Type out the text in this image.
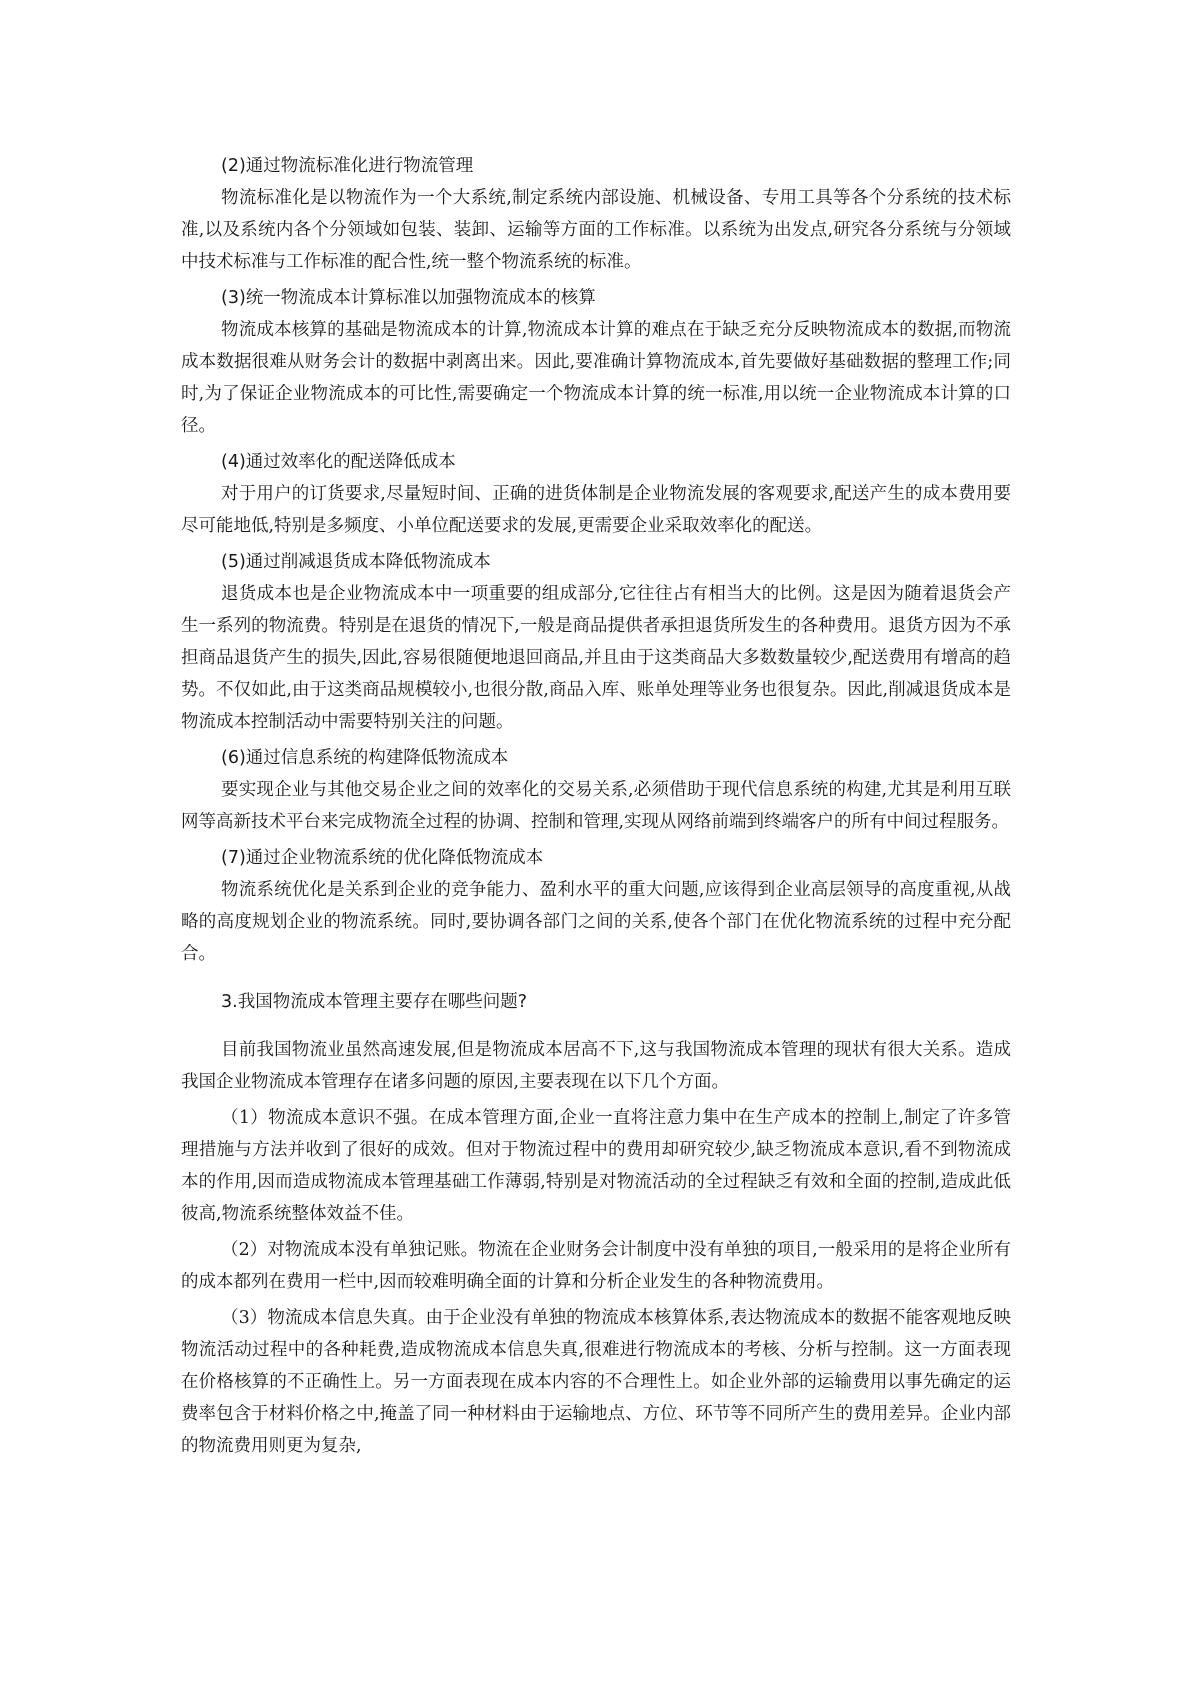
(2)通过物流标准化进行物流管理

物流标准化是以物流作为一个大系统,制定系统内部设施、机械设备、专用工具等各个分系统的技术标准,以及系统内各个分领域如包装、装卸、运输等方面的工作标准。以系统为出发点,研究各分系统与分领域中技术标准与工作标准的配合性,统一整个物流系统的标准。

(3)统一物流成本计算标准以加强物流成本的核算

物流成本核算的基础是物流成本的计算,物流成本计算的难点在于缺乏充分反映物流成本的数据,而物流成本数据很难从财务会计的数据中剥离出来。因此,要准确计算物流成本,首先要做好基础数据的整理工作;同时,为了保证企业物流成本的可比性,需要确定一个物流成本计算的统一标准,用以统一企业物流成本计算的口径。

(4)通过效率化的配送降低成本

对于用户的订货要求,尽量短时间、正确的进货体制是企业物流发展的客观要求,配送产生的成本费用要尽可能地低,特别是多频度、小单位配送要求的发展,更需要企业采取效率化的配送。

(5)通过削减退货成本降低物流成本

退货成本也是企业物流成本中一项重要的组成部分,它往往占有相当大的比例。这是因为随着退货会产生一系列的物流费。特别是在退货的情况下,一般是商品提供者承担退货所发生的各种费用。退货方因为不承担商品退货产生的损失,因此,容易很随便地退回商品,并且由于这类商品大多数数量较少,配送费用有增高的趋势。不仅如此,由于这类商品规模较小,也很分散,商品入库、账单处理等业务也很复杂。因此,削减退货成本是物流成本控制活动中需要特别关注的问题。

(6)通过信息系统的构建降低物流成本

要实现企业与其他交易企业之间的效率化的交易关系,必须借助于现代信息系统的构建,尤其是利用互联网等高新技术平台来完成物流全过程的协调、控制和管理,实现从网络前端到终端客户的所有中间过程服务。

(7)通过企业物流系统的优化降低物流成本

物流系统优化是关系到企业的竞争能力、盈利水平的重大问题,应该得到企业高层领导的高度重视,从战略的高度规划企业的物流系统。同时,要协调各部门之间的关系,使各个部门在优化物流系统的过程中充分配合。

3.我国物流成本管理主要存在哪些问题?

目前我国物流业虽然高速发展,但是物流成本居高不下,这与我国物流成本管理的现状有很大关系。造成我国企业物流成本管理存在诸多问题的原因,主要表现在以下几个方面。

（1）物流成本意识不强。在成本管理方面,企业一直将注意力集中在生产成本的控制上,制定了许多管理措施与方法并收到了很好的成效。但对于物流过程中的费用却研究较少,缺乏物流成本意识,看不到物流成本的作用,因而造成物流成本管理基础工作薄弱,特别是对物流活动的全过程缺乏有效和全面的控制,造成此低彼高,物流系统整体效益不佳。

（2）对物流成本没有单独记账。物流在企业财务会计制度中没有单独的项目,一般采用的是将企业所有的成本都列在费用一栏中,因而较难明确全面的计算和分析企业发生的各种物流费用。

（3）物流成本信息失真。由于企业没有单独的物流成本核算体系,表达物流成本的数据不能客观地反映物流活动过程中的各种耗费,造成物流成本信息失真,很难进行物流成本的考核、分析与控制。这一方面表现在价格核算的不正确性上。另一方面表现在成本内容的不合理性上。如企业外部的运输费用以事先确定的运费率包含于材料价格之中,掩盖了同一种材料由于运输地点、方位、环节等不同所产生的费用差异。企业内部的物流费用则更为复杂,
